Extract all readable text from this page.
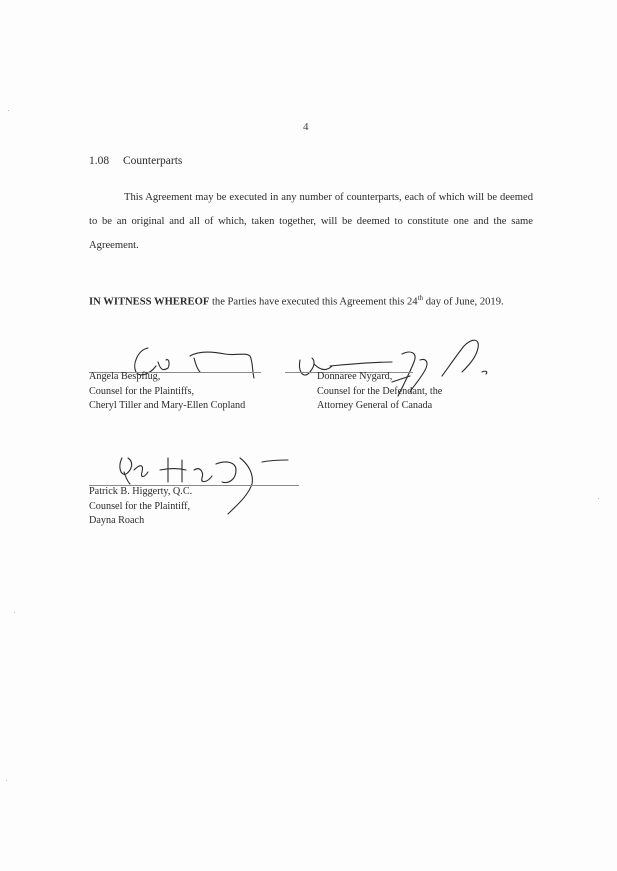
4
1.08 Counterparts
This Agreement may be executed in any number of counterparts, each of which will be deemed to be an original and all of which, taken together, will be deemed to constitute one and the same Agreement.
IN WITNESS WHEREOF the Parties have executed this Agreement this 24th day of June, 2019.
Angela Bespflug,
Counsel for the Plaintiffs,
Cheryl Tiller and Mary-Ellen Copland
Donnaree Nygard,
Counsel for the Defendant, the
Attorney General of Canada
Patrick B. Higgerty, Q.C.
Counsel for the Plaintiff,
Dayna Roach
